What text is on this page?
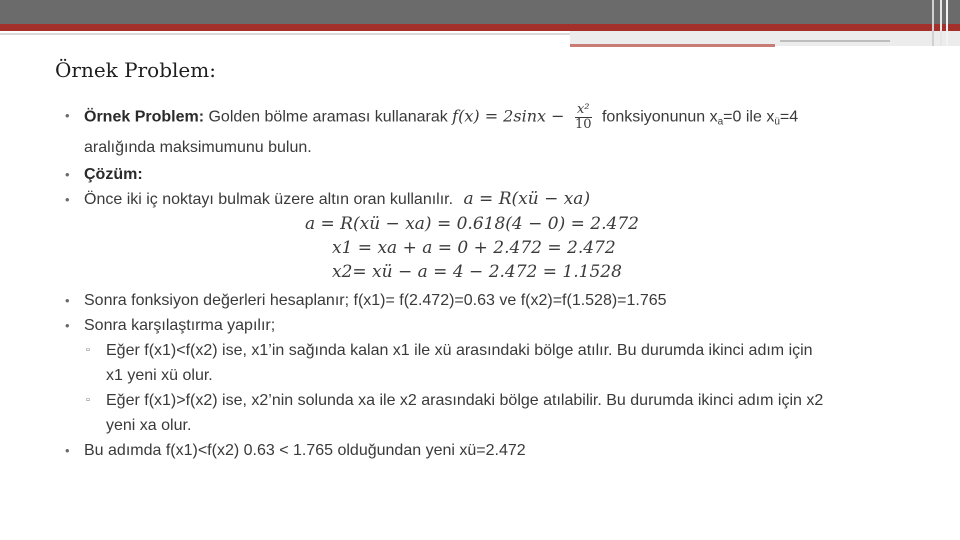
Örnek Problem:
• Örnek Problem: Golden bölme araması kullanarak $f(x) = 2\sin x - \frac{\text{x²}}{10}$ fonksiyonunun xa=0 ile xü=4
aralığında maksimumunu bulun.
• Çözüm:
• Önce iki iç noktayı bulmak üzere altın oran kullanılır. a = R(xü − xa)
a = R(xü − xa) = 0.618(4 − 0) = 2.472
x1 = xa + a = 0 + 2.472 = 2.472
x2= xü − a = 4 − 2.472 = 1.1528
• Sonra fonksiyon değerleri hesaplanır; f(x1)= f(2.472)=0.63 ve f(x2)=f(1.528)=1.765
• Sonra karşılaştırma yapılır;
▫ Eğer f(x1)<f(x2) ise, x1’in sağında kalan x1 ile xü arasındaki bölge atılır. Bu durumda ikinci adım için
x1 yeni xü olur.
▫ Eğer f(x1)>f(x2) ise, x2’nin solunda xa ile x2 arasındaki bölge atılabilir. Bu durumda ikinci adım için x2
yeni xa olur.
• Bu adımda f(x1)<f(x2) 0.63 < 1.765 olduğundan yeni xü=2.472
